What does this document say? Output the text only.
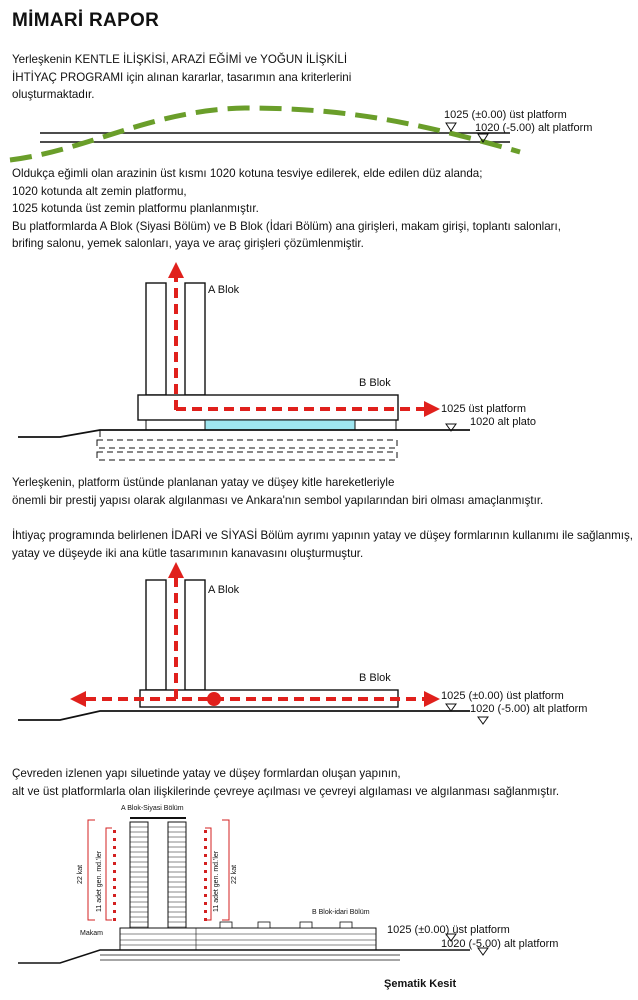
MİMARİ RAPOR
Yerleşkenin KENTLE İLİŞKİSİ, ARAZİ EĞİMİ ve YOĞUN İLİŞKİLİ
İHTİYAÇ PROGRAMI için alınan kararlar, tasarımın ana kriterlerini
oluşturmaktadır.
1025 (±0.00) üst platform
1020 (-5.00) alt platform
Oldukça eğimli olan arazinin üst kısmı 1020 kotuna tesviye edilerek, elde edilen düz alanda;
1020 kotunda alt zemin platformu,
1025 kotunda üst zemin platformu planlanmıştır.
Bu platformlarda A Blok (Siyasi Bölüm) ve B Blok (İdari Bölüm) ana girişleri, makam girişi, toplantı salonları,
brifing salonu, yemek salonları, yaya ve araç girişleri çözümlenmiştir.
A Blok
B Blok
1025 üst platform
1020 alt plato
Yerleşkenin, platform üstünde planlanan yatay ve düşey kitle hareketleriyle
önemli bir prestij yapısı olarak algılanması ve Ankara'nın sembol yapılarından biri olması amaçlanmıştır.
İhtiyaç programında belirlenen İDARİ ve SİYASİ Bölüm ayrımı yapının yatay ve düşey formlarının kullanımı ile sağlanmış,
yatay ve düşeyde iki ana kütle tasarımının kanavasını oluşturmuştur.
A Blok
B Blok
1025 (±0.00) üst platform
1020 (-5.00) alt platform
Çevreden izlenen yapı siluetinde yatay ve düşey formlardan oluşan yapının,
alt ve üst platformlarla olan ilişkilerinde çevreye açılması ve çevreyi algılaması ve algılanması sağlanmıştır.
A Blok-Siyasi Bölüm
B Blok-idari Bölüm
22 kat	22 kat
11 adet gen. md.'ler	11 adet gen. md.'ler
Makam	1025 (±0.00) üst platform
1020 (-5.00) alt platform
Şematik Kesit
